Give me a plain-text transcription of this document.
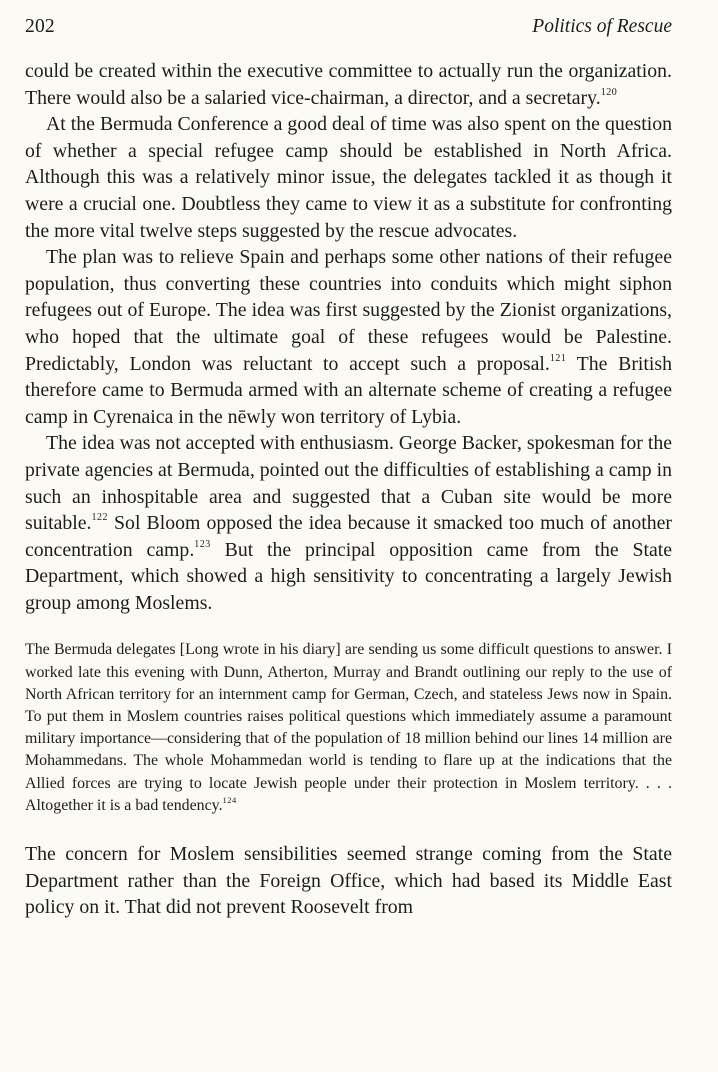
202	Politics of Rescue

could be created within the executive committee to actually run the organization. There would also be a salaried vice-chairman, a director, and a secretary.$^{120}$

At the Bermuda Conference a good deal of time was also spent on the question of whether a special refugee camp should be established in North Africa. Although this was a relatively minor issue, the delegates tackled it as though it were a crucial one. Doubtless they came to view it as a substitute for confronting the more vital twelve steps suggested by the rescue advocates.

The plan was to relieve Spain and perhaps some other nations of their refugee population, thus converting these countries into conduits which might siphon refugees out of Europe. The idea was first suggested by the Zionist organizations, who hoped that the ultimate goal of these refugees would be Palestine. Predictably, London was reluctant to accept such a proposal.$^{121}$ The British therefore came to Bermuda armed with an alternate scheme of creating a refugee camp in Cyrenaica in the nēwly won territory of Lybia.

The idea was not accepted with enthusiasm. George Backer, spokesman for the private agencies at Bermuda, pointed out the difficulties of establishing a camp in such an inhospitable area and suggested that a Cuban site would be more suitable.$^{122}$ Sol Bloom opposed the idea because it smacked too much of another concentration camp.$^{123}$ But the principal opposition came from the State Department, which showed a high sensitivity to concentrating a largely Jewish group among Moslems.

The Bermuda delegates [Long wrote in his diary] are sending us some difficult questions to answer. I worked late this evening with Dunn, Atherton, Murray and Brandt outlining our reply to the use of North African territory for an internment camp for German, Czech, and stateless Jews now in Spain. To put them in Moslem countries raises political questions which immediately assume a paramount military importance—considering that of the population of 18 million behind our lines 14 million are Mohammedans. The whole Mohammedan world is tending to flare up at the indications that the Allied forces are trying to locate Jewish people under their protection in Moslem territory. . . . Altogether it is a bad tendency.$^{124}$

The concern for Moslem sensibilities seemed strange coming from the State Department rather than the Foreign Office, which had based its Middle East policy on it. That did not prevent Roosevelt from
